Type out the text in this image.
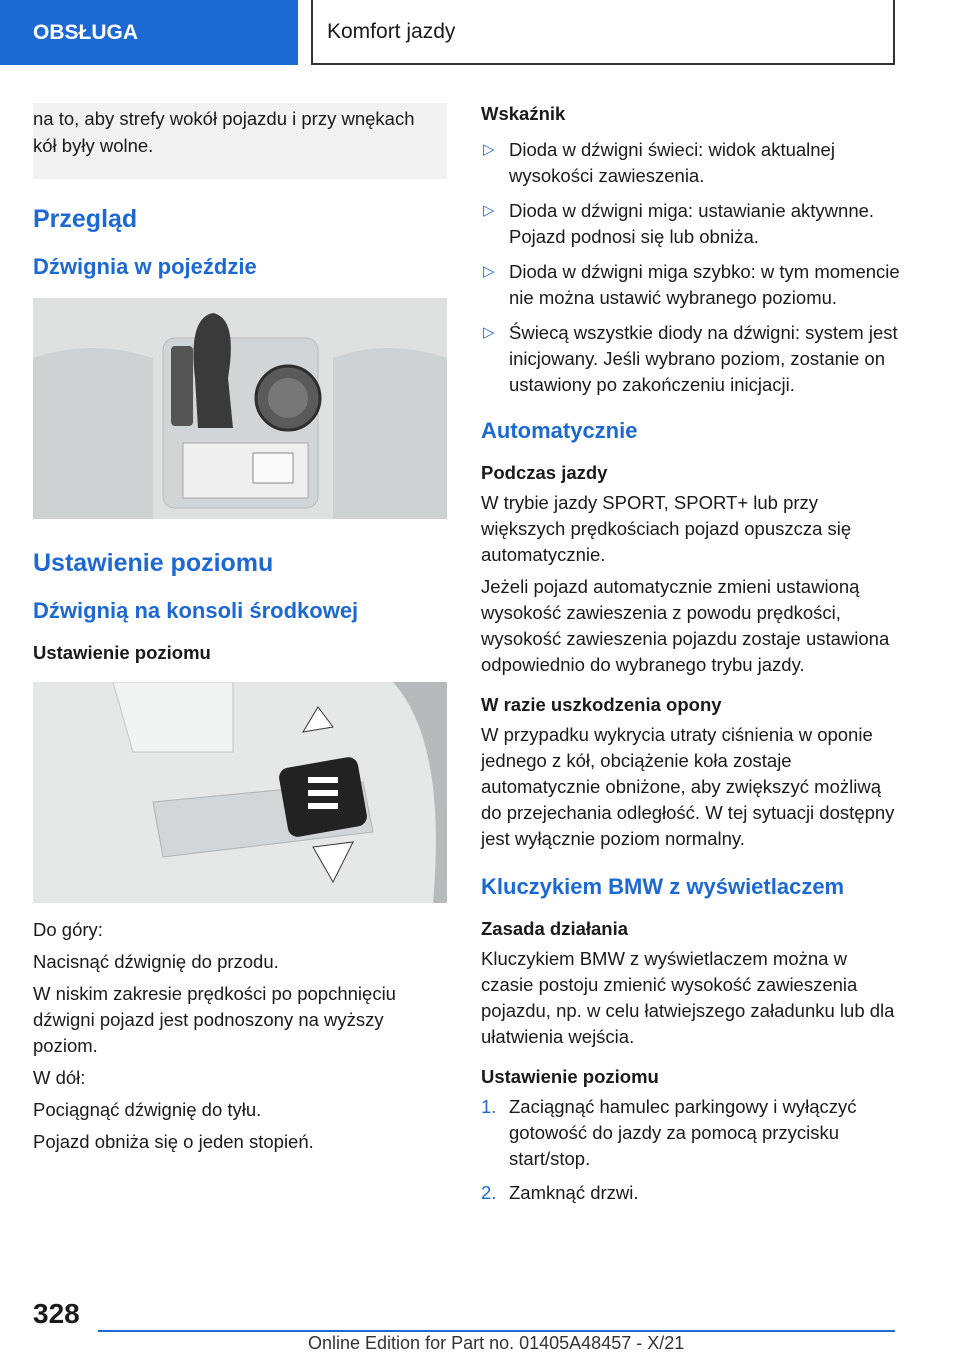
OBSŁUGA	Komfort jazdy
na to, aby strefy wokół pojazdu i przy wnękach kół były wolne.
Przegląd
Dźwignia w pojeździe
Ustawienie poziomu
Dźwignią na konsoli środkowej
Ustawienie poziomu

Do góry:

Nacisnąć dźwignię do przodu.

W niskim zakresie prędkości po popchnięciu dźwigni pojazd jest podnoszony na wyższy poziom.

W dół:

Pociągnąć dźwignię do tyłu.

Pojazd obniża się o jeden stopień.

Wskaźnik
▷ Dioda w dźwigni świeci: widok aktualnej wysokości zawieszenia.
▷ Dioda w dźwigni miga: ustawianie aktywnne. Pojazd podnosi się lub obniża.
▷ Dioda w dźwigni miga szybko: w tym momencie nie można ustawić wybranego poziomu.
▷ Świecą wszystkie diody na dźwigni: system jest inicjowany. Jeśli wybrano poziom, zostanie on ustawiony po zakończeniu inicjacji.
Automatycznie
Podczas jazdy

W trybie jazdy SPORT, SPORT+ lub przy większych prędkościach pojazd opuszcza się automatycznie.

Jeżeli pojazd automatycznie zmieni ustawioną wysokość zawieszenia z powodu prędkości, wysokość zawieszenia pojazdu zostaje ustawiona odpowiednio do wybranego trybu jazdy.

W razie uszkodzenia opony

W przypadku wykrycia utraty ciśnienia w oponie jednego z kół, obciążenie koła zostaje automatycznie obniżone, aby zwiększyć możliwą do przejechania odległość. W tej sytuacji dostępny jest wyłącznie poziom normalny.

Kluczykiem BMW z wyświetlaczem
Zasada działania

Kluczykiem BMW z wyświetlaczem można w czasie postoju zmienić wysokość zawieszenia pojazdu, np. w celu łatwiejszego załadunku lub dla ułatwienia wejścia.

Ustawienie poziomu
1. Zaciągnąć hamulec parkingowy i wyłączyć gotowość do jazdy za pomocą przycisku start/stop.
2. Zamknąć drzwi.
328
Online Edition for Part no. 01405A48457 - X/21
